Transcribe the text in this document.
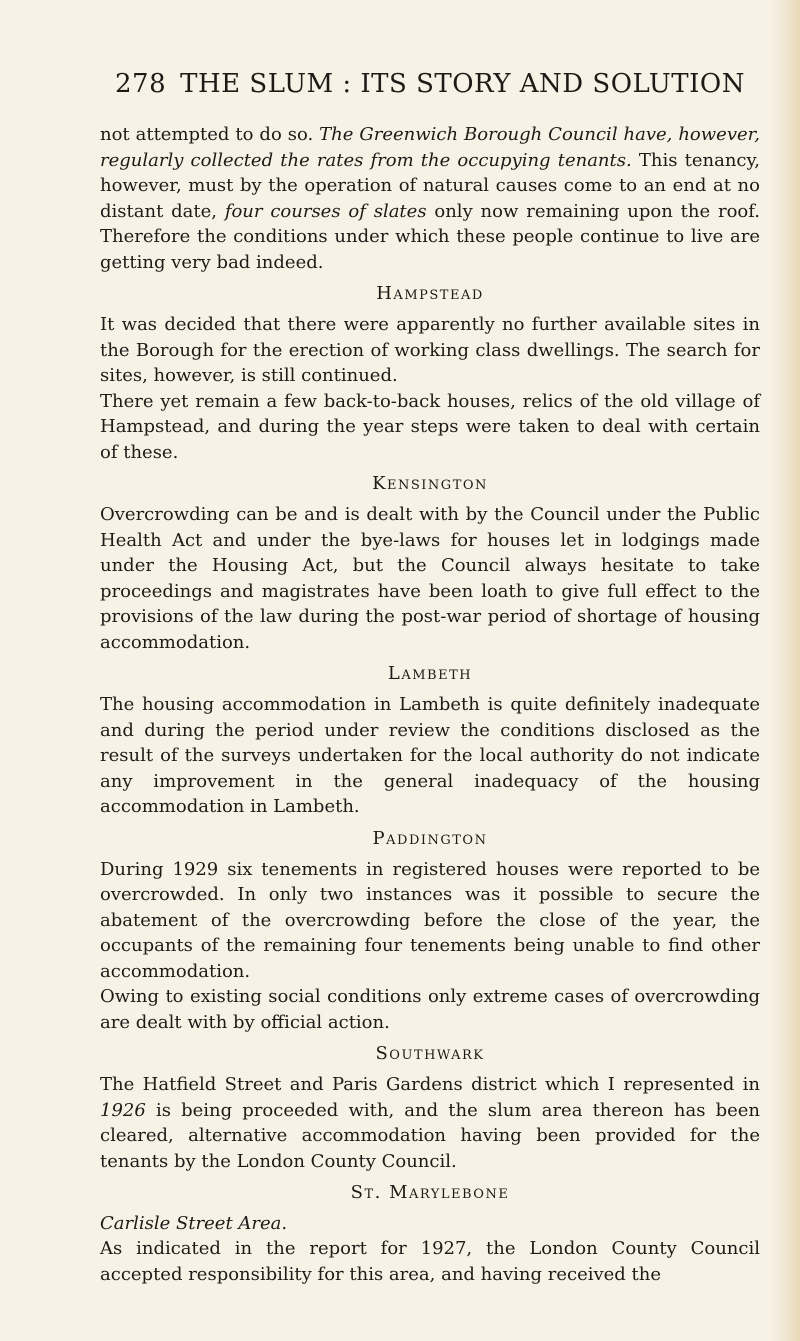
278 THE SLUM : ITS STORY AND SOLUTION

not attempted to do so. The Greenwich Borough Council have, however, regularly collected the rates from the occupying tenants. This tenancy, however, must by the operation of natural causes come to an end at no distant date, four courses of slates only now remaining upon the roof. Therefore the conditions under which these people continue to live are getting very bad indeed.

Hampstead

It was decided that there were apparently no further available sites in the Borough for the erection of working class dwellings. The search for sites, however, is still continued.

There yet remain a few back-to-back houses, relics of the old village of Hampstead, and during the year steps were taken to deal with certain of these.

Kensington

Overcrowding can be and is dealt with by the Council under the Public Health Act and under the bye-laws for houses let in lodgings made under the Housing Act, but the Council always hesitate to take proceedings and magistrates have been loath to give full effect to the provisions of the law during the post-war period of shortage of housing accommodation.

Lambeth

The housing accommodation in Lambeth is quite definitely inadequate and during the period under review the conditions disclosed as the result of the surveys undertaken for the local authority do not indicate any improvement in the general inadequacy of the housing accommodation in Lambeth.

Paddington

During 1929 six tenements in registered houses were reported to be overcrowded. In only two instances was it possible to secure the abatement of the overcrowding before the close of the year, the occupants of the remaining four tenements being unable to find other accommodation.

Owing to existing social conditions only extreme cases of overcrowding are dealt with by official action.

Southwark

The Hatfield Street and Paris Gardens district which I represented in 1926 is being proceeded with, and the slum area thereon has been cleared, alternative accommodation having been provided for the tenants by the London County Council.

St. Marylebone
Carlisle Street Area.

As indicated in the report for 1927, the London County Council accepted responsibility for this area, and having received the
